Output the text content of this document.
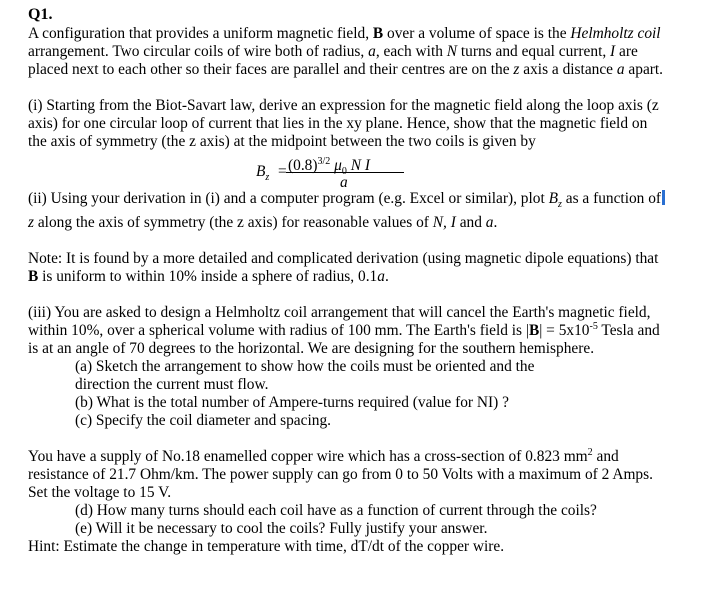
Q1.

A configuration that provides a uniform magnetic field, B over a volume of space is the Helmholtz coil

arrangement. Two circular coils of wire both of radius, a, each with N turns and equal current, I are

placed next to each other so their faces are parallel and their centres are on the z axis a distance a apart.

(i) Starting from the Biot-Savart law, derive an expression for the magnetic field along the loop axis (z

axis) for one circular loop of current that lies in the xy plane. Hence, show that the magnetic field on

the axis of symmetry (the z axis) at the midpoint between the two coils is given by

$B_z = (0.8)^{3/2}$ $\mu_0$ N I
a

(ii) Using your derivation in (i) and a computer program (e.g. Excel or similar), plot $B_z$ as a function of

z along the axis of symmetry (the z axis) for reasonable values of N, I and a.

Note: It is found by a more detailed and complicated derivation (using magnetic dipole equations) that

B is uniform to within 10% inside a sphere of radius, 0.1a.

(iii) You are asked to design a Helmholtz coil arrangement that will cancel the Earth's magnetic field,

within 10%, over a spherical volume with radius of 100 mm. The Earth's field is $|B| = 5x10^{-5}$ Tesla and

is at an angle of 70 degrees to the horizontal. We are designing for the southern hemisphere.

(a) Sketch the arrangement to show how the coils must be oriented and the

direction the current must flow.

(b) What is the total number of Ampere-turns required (value for NI) ?

(c) Specify the coil diameter and spacing.

You have a supply of No.18 enamelled copper wire which has a cross-section of 0.823 $mm^2$ and

resistance of 21.7 Ohm/km. The power supply can go from 0 to 50 Volts with a maximum of 2 Amps.

Set the voltage to 15 V.

(d) How many turns should each coil have as a function of current through the coils?

(e) Will it be necessary to cool the coils? Fully justify your answer.

Hint: Estimate the change in temperature with time, dT/dt of the copper wire.
